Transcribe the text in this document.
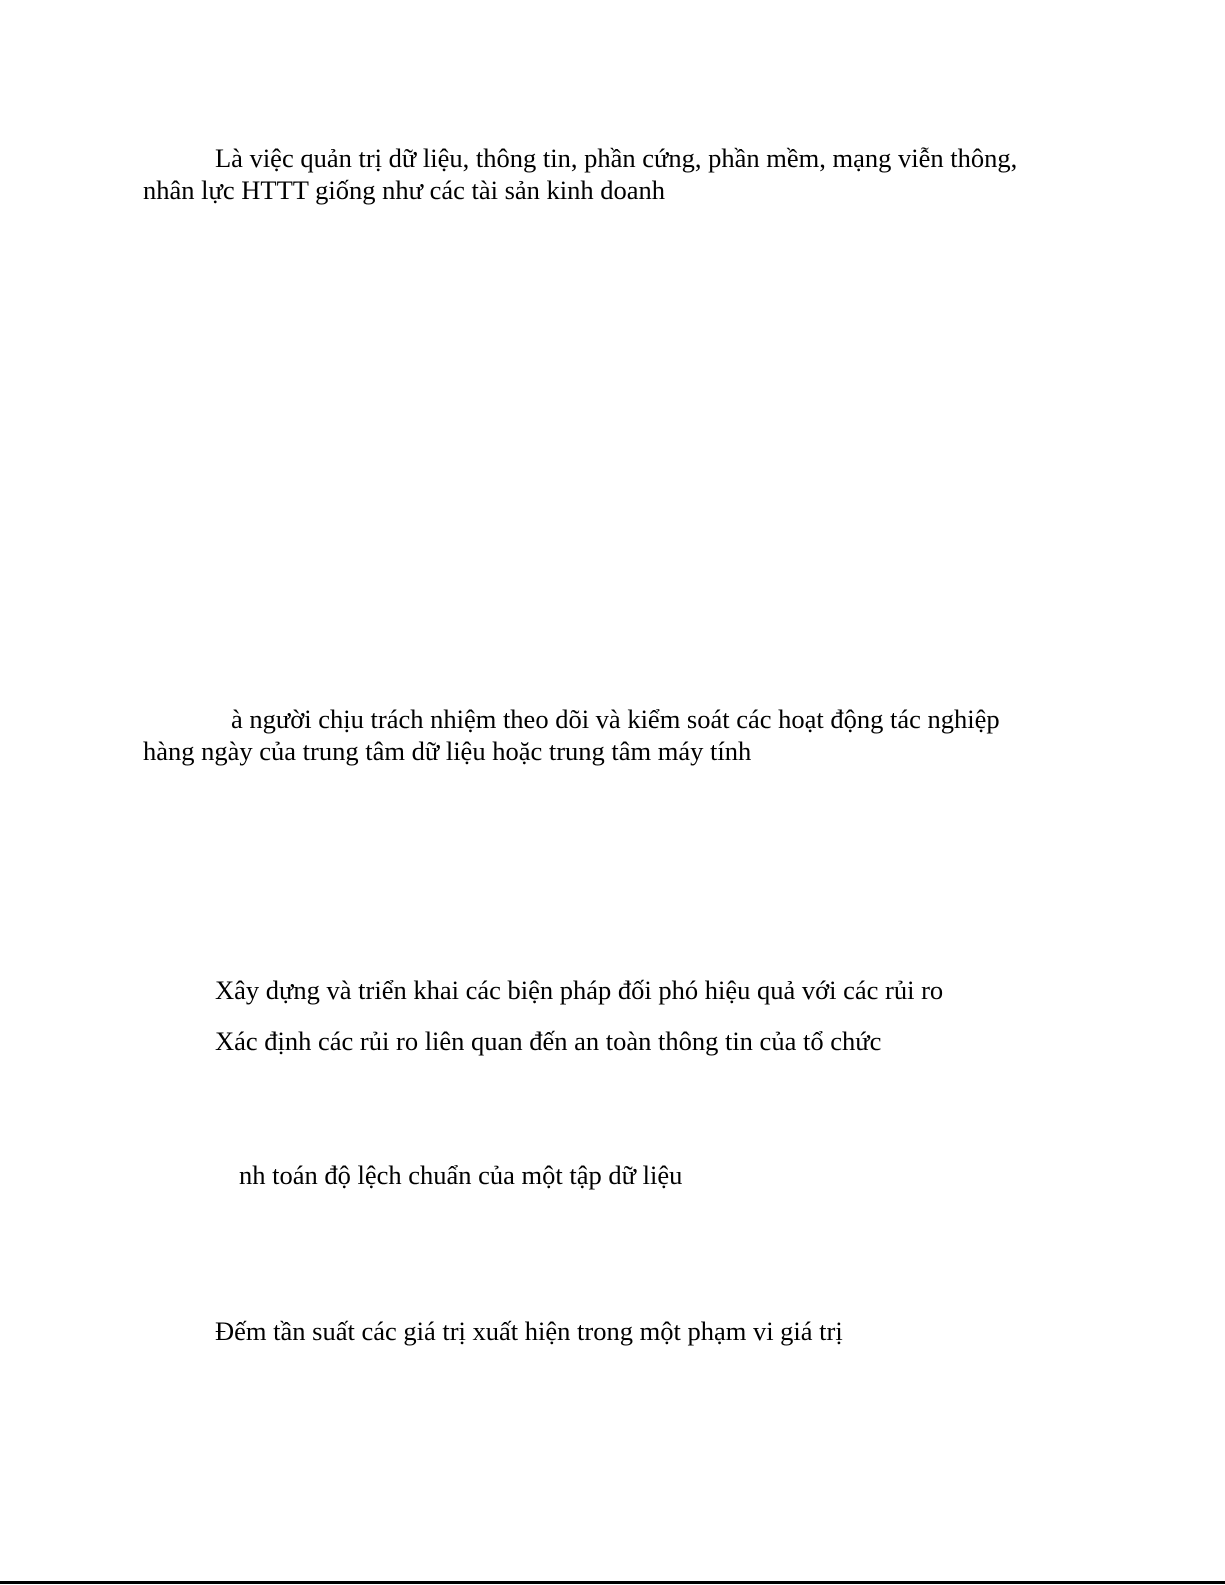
Là việc quản trị dữ liệu, thông tin, phần cứng, phần mềm, mạng viễn thông,
nhân lực HTTT giống như các tài sản kinh doanh
à người chịu trách nhiệm theo dõi và kiểm soát các hoạt động tác nghiệp
hàng ngày của trung tâm dữ liệu hoặc trung tâm máy tính
Xây dựng và triển khai các biện pháp đối phó hiệu quả với các rủi ro
Xác định các rủi ro liên quan đến an toàn thông tin của tổ chức
nh toán độ lệch chuẩn của một tập dữ liệu
Đếm tần suất các giá trị xuất hiện trong một phạm vi giá trị
